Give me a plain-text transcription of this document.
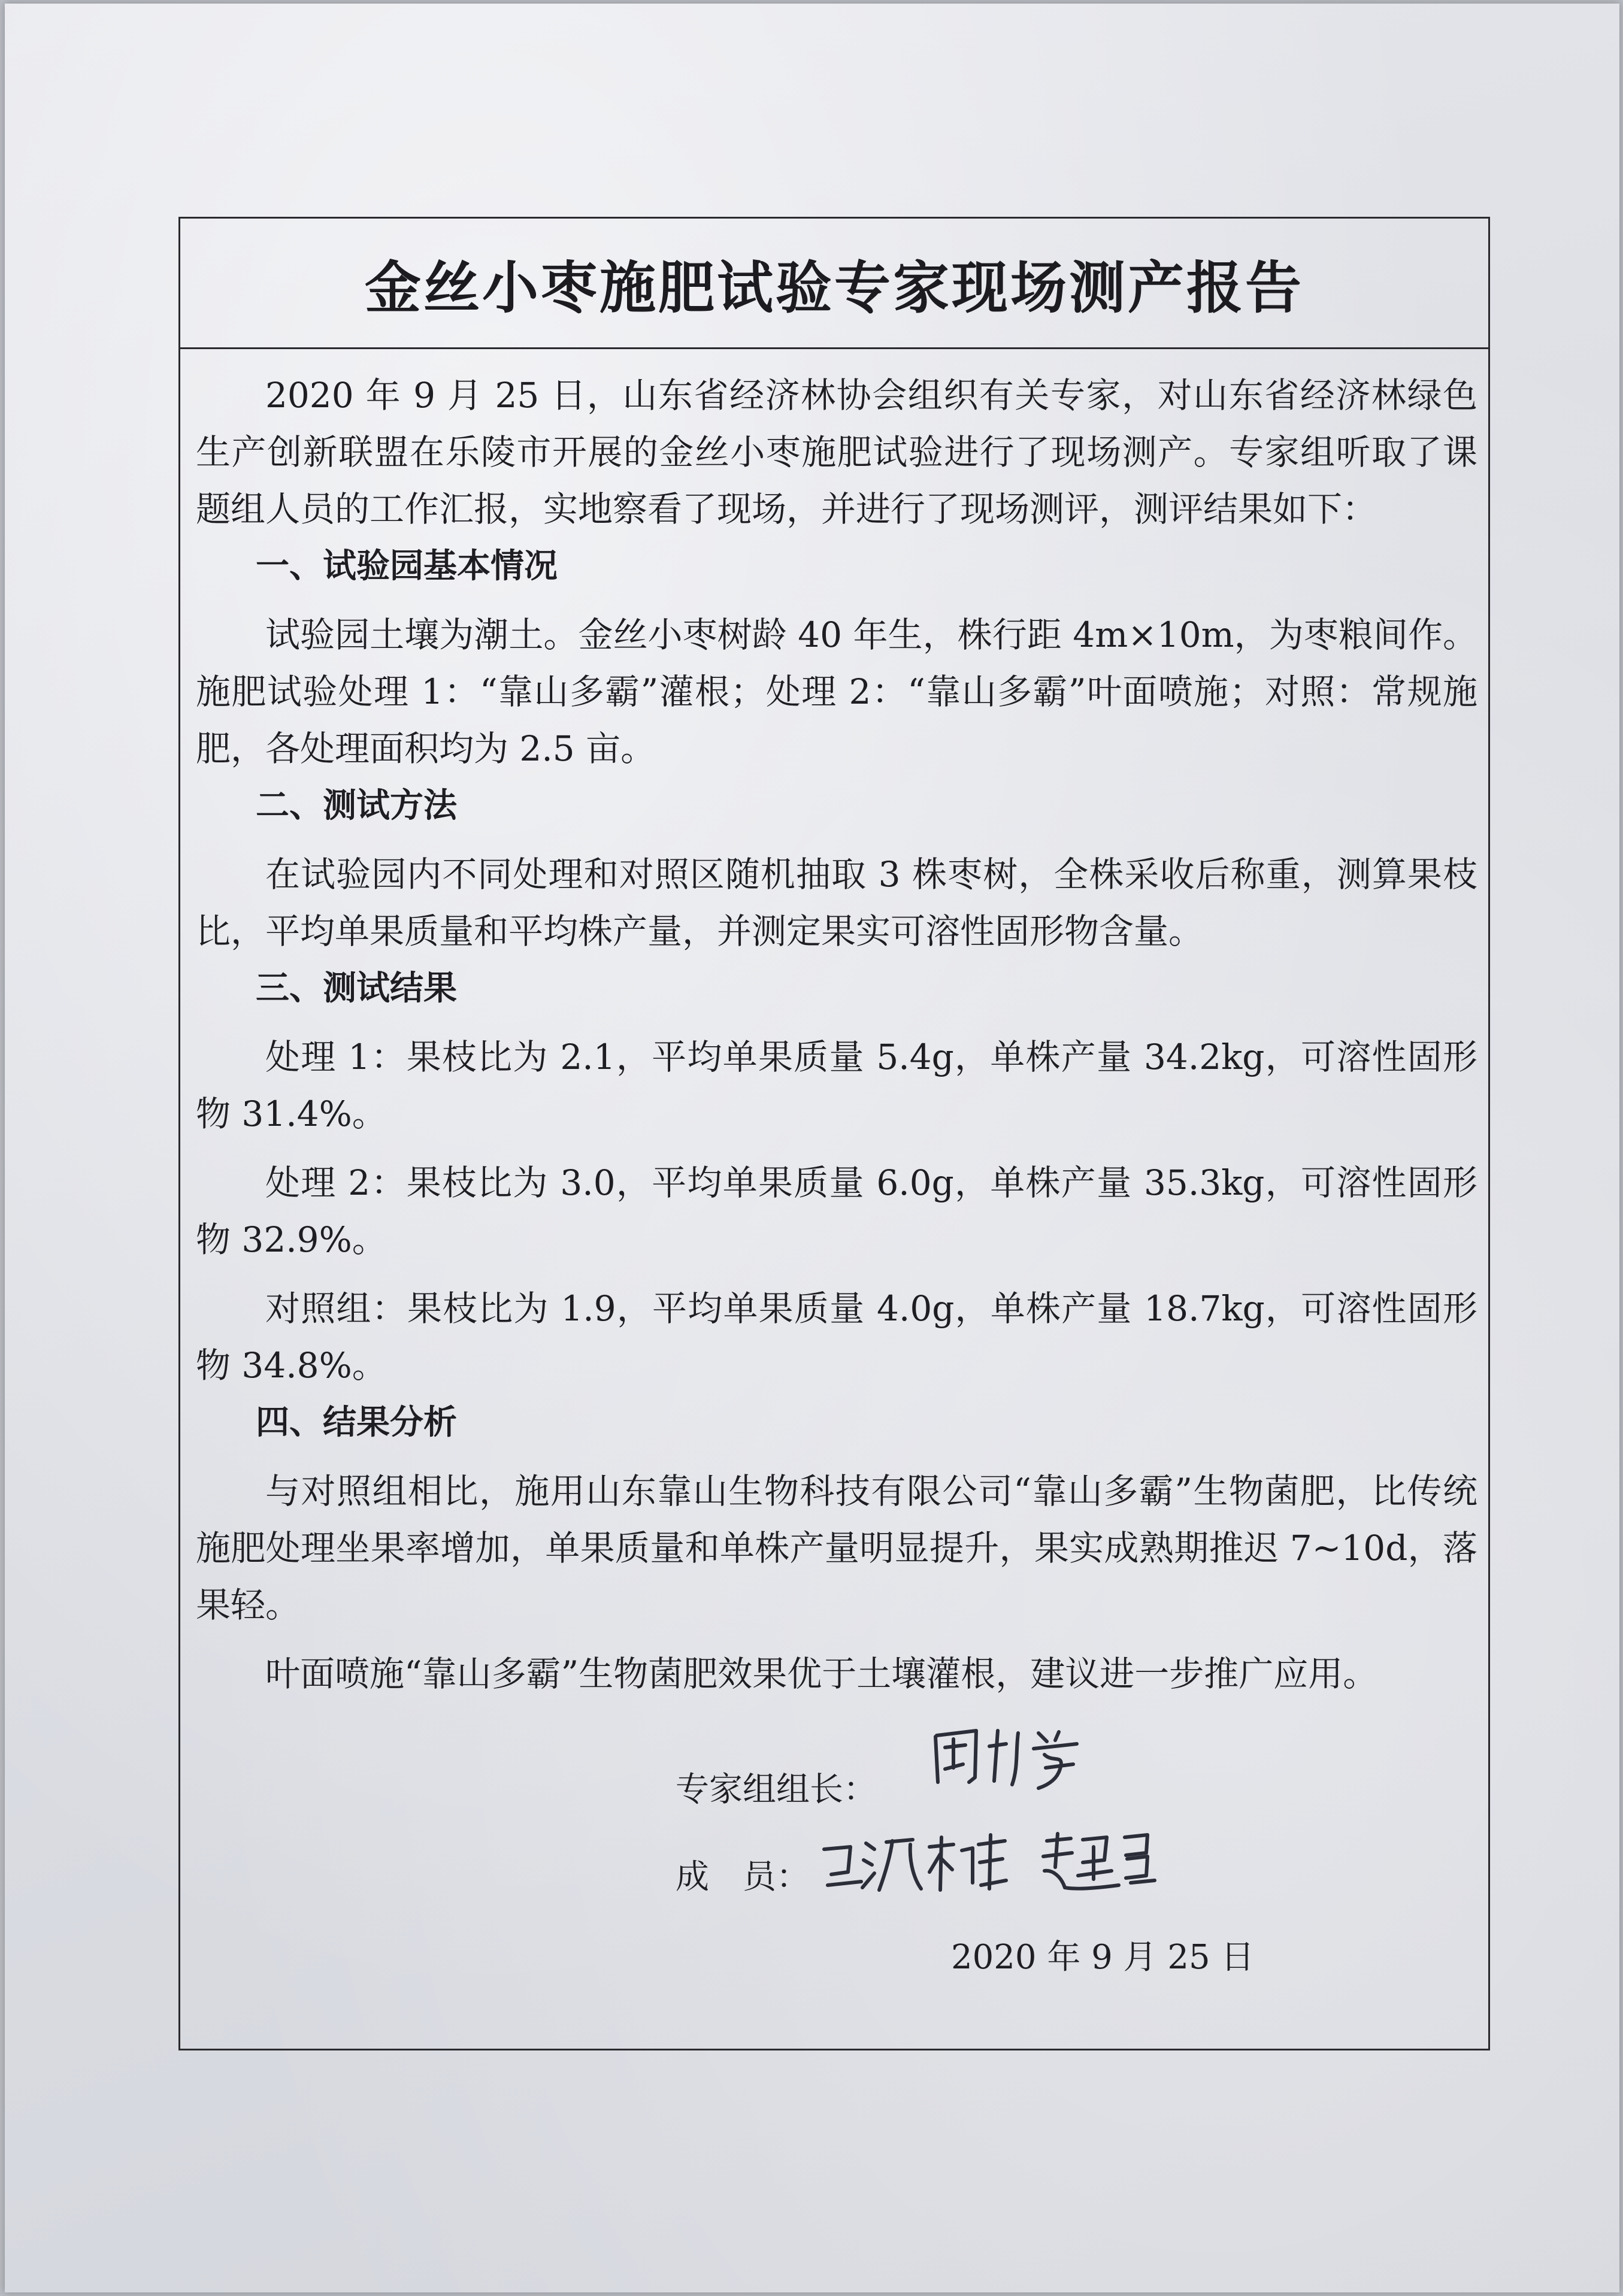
金丝小枣施肥试验专家现场测产报告

2020 年 9 月 25 日，山东省经济林协会组织有关专家，对山东省经济林绿色生产创新联盟在乐陵市开展的金丝小枣施肥试验进行了现场测产。专家组听取了课题组人员的工作汇报，实地察看了现场，并进行了现场测评，测评结果如下：

一、试验园基本情况

试验园土壤为潮土。金丝小枣树龄 40 年生，株行距 4m×10m，为枣粮间作。施肥试验处理 1：“靠山多霸”灌根；处理 2：“靠山多霸”叶面喷施；对照：常规施肥，各处理面积均为 2.5 亩。

二、测试方法

在试验园内不同处理和对照区随机抽取 3 株枣树，全株采收后称重，测算果枝比，平均单果质量和平均株产量，并测定果实可溶性固形物含量。

三、测试结果

处理 1：果枝比为 2.1，平均单果质量 5.4g，单株产量 34.2kg，可溶性固形物 31.4%。

处理 2：果枝比为 3.0，平均单果质量 6.0g，单株产量 35.3kg，可溶性固形物 32.9%。

对照组：果枝比为 1.9，平均单果质量 4.0g，单株产量 18.7kg，可溶性固形物 34.8%。

四、结果分析

与对照组相比，施用山东靠山生物科技有限公司“靠山多霸”生物菌肥，比传统施肥处理坐果率增加，单果质量和单株产量明显提升，果实成熟期推迟 7~10d，落果轻。

叶面喷施“靠山多霸”生物菌肥效果优于土壤灌根，建议进一步推广应用。

专家组组长：
成　员：
2020 年 9 月 25 日
